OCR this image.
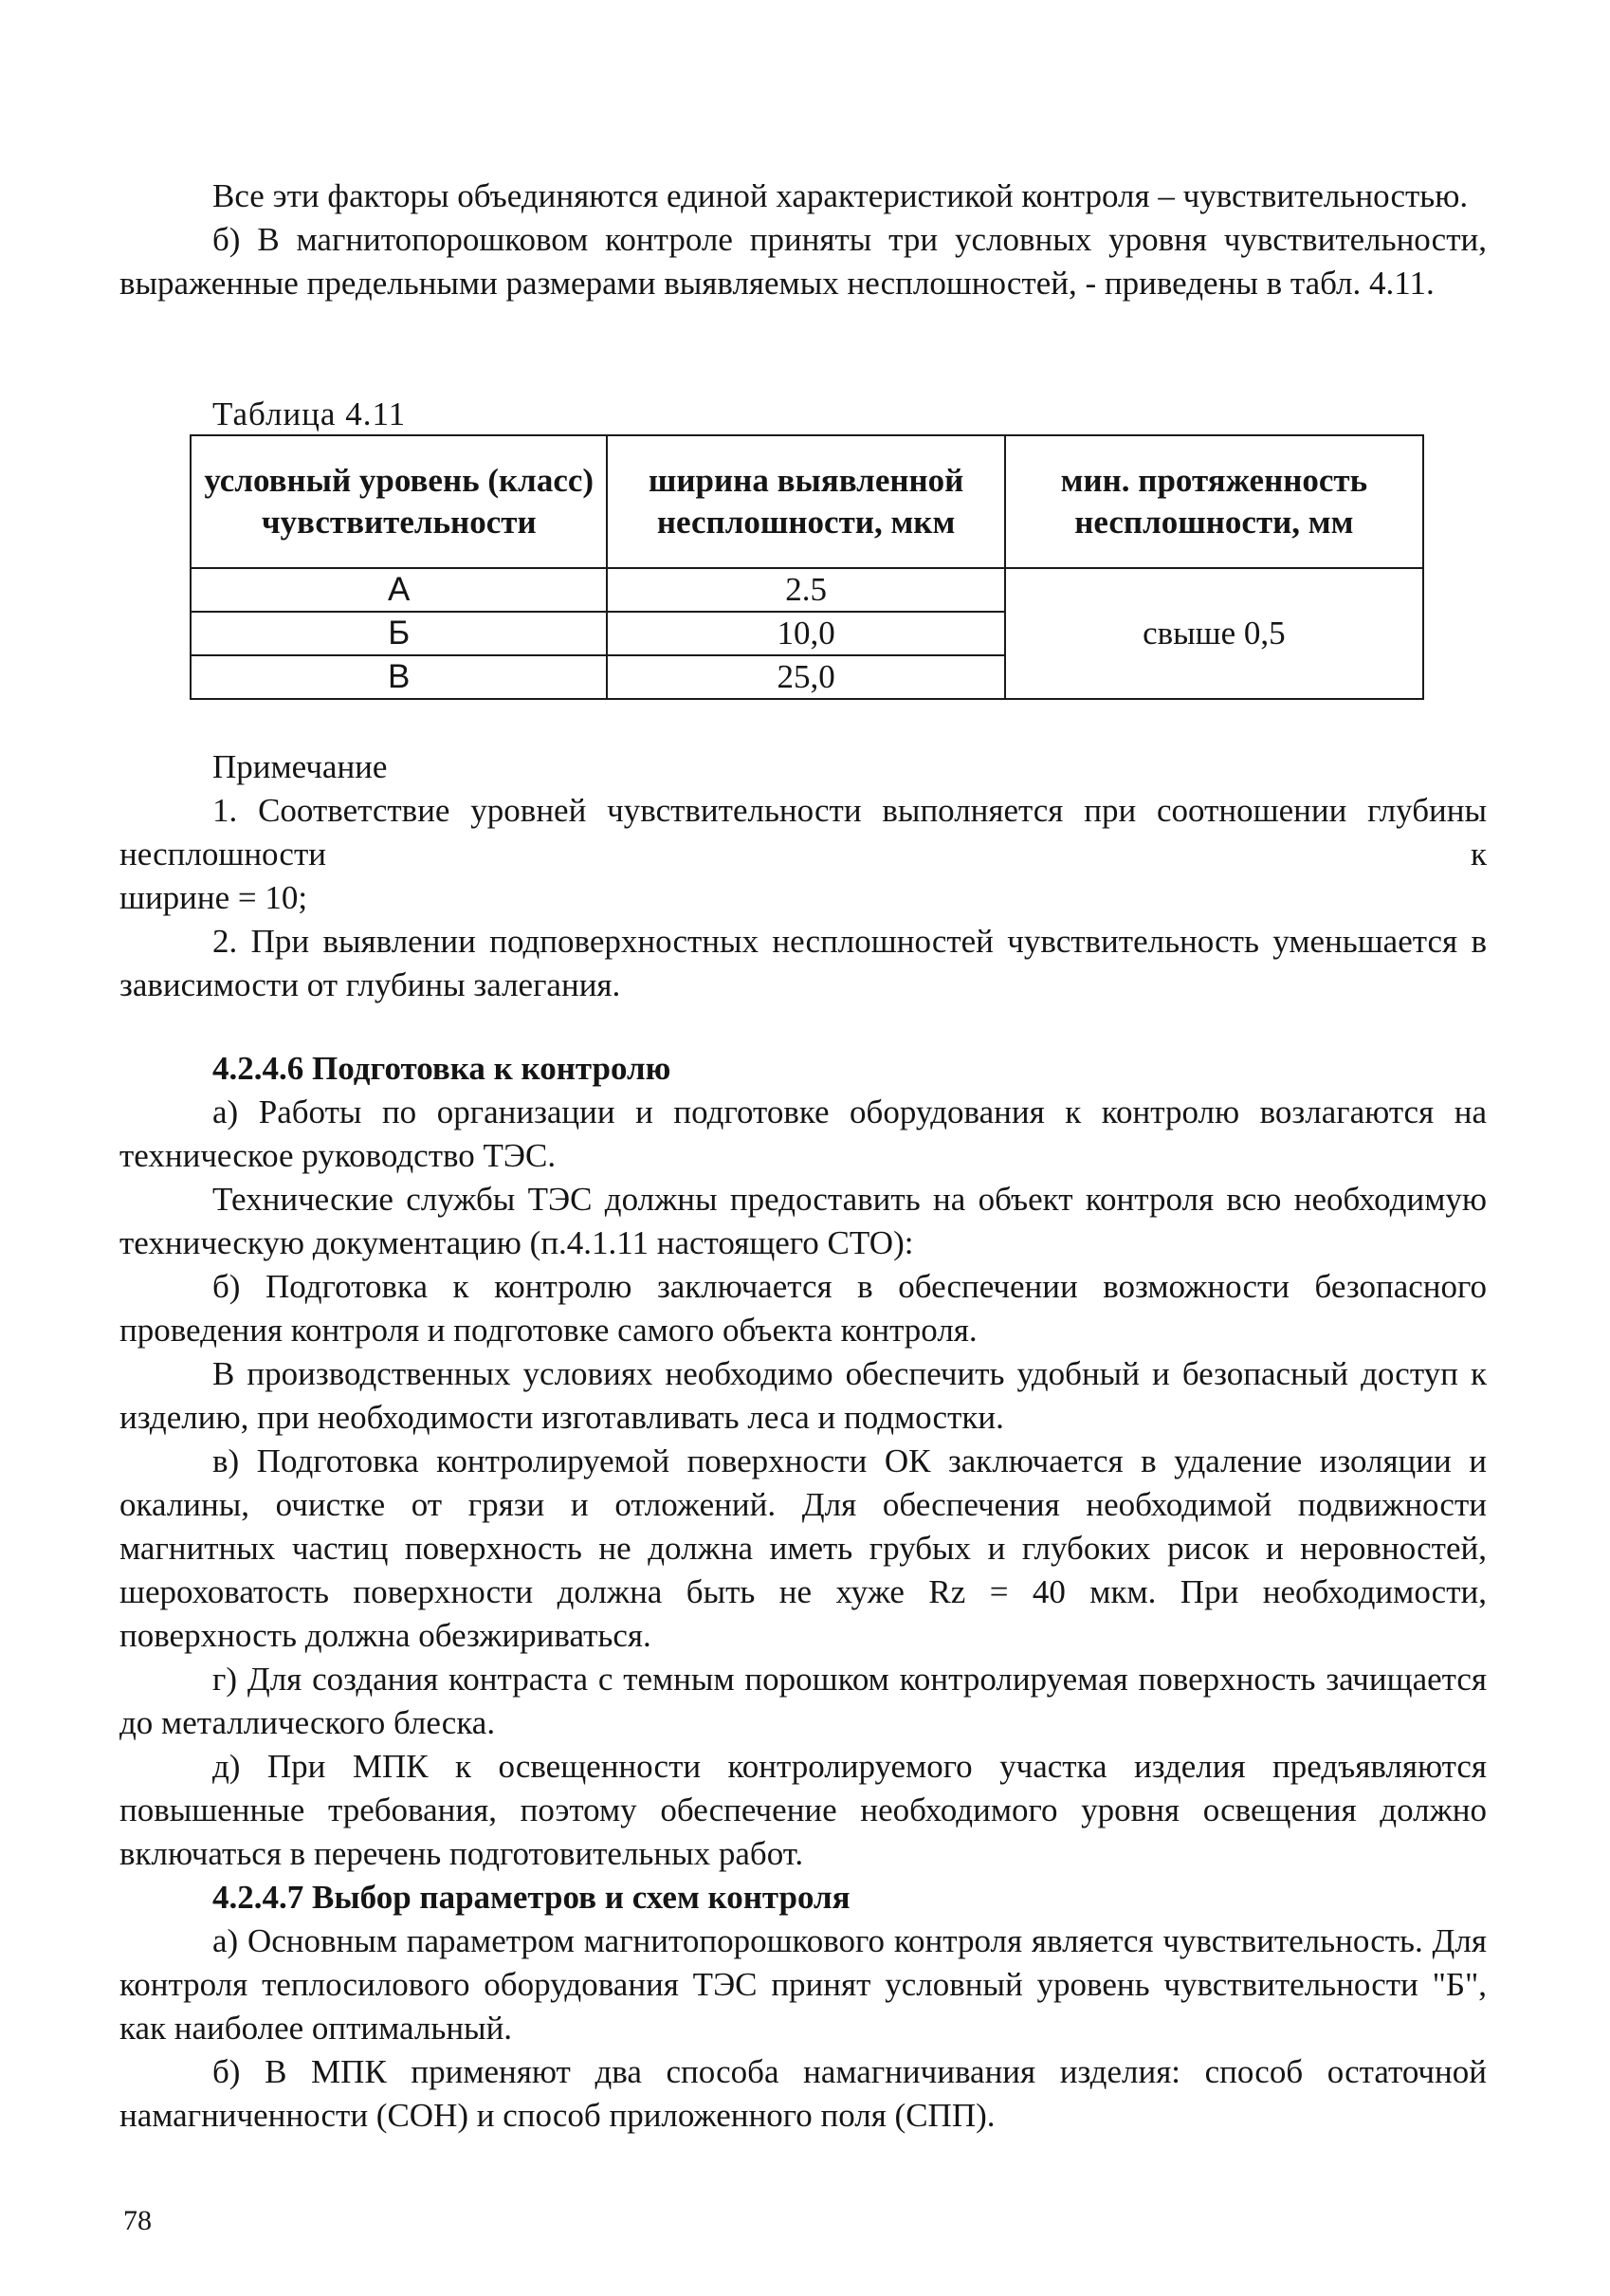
Все эти факторы объединяются единой характеристикой контроля – чувствительностью.

б) В магнитопорошковом контроле приняты три условных уровня чувствительности, выраженные предельными размерами выявляемых несплошностей, - приведены в табл. 4.11.

Таблица 4.11
условный уровень (класс) чувствительности	ширина выявленной несплошности, мкм	мин. протяженность несплошности, мм
А	2.5	свыше 0,5
Б	10,0	
В	25,0	

Примечание

1. Соответствие уровней чувствительности выполняется при соотношении глубины несплошности к

ширине = 10;

2. При выявлении подповерхностных несплошностей чувствительность уменьшается в зависимости от глубины залегания.

4.2.4.6 Подготовка к контролю

а) Работы по организации и подготовке оборудования к контролю возлагаются на техническое руководство ТЭС.

Технические службы ТЭС должны предоставить на объект контроля всю необходимую техническую документацию (п.4.1.11 настоящего СТО):

б) Подготовка к контролю заключается в обеспечении возможности безопасного проведения контроля и подготовке самого объекта контроля.

В производственных условиях необходимо обеспечить удобный и безопасный доступ к изделию, при необходимости изготавливать леса и подмостки.

в) Подготовка контролируемой поверхности ОК заключается в удаление изоляции и окалины, очистке от грязи и отложений. Для обеспечения необходимой подвижности магнитных частиц поверхность не должна иметь грубых и глубоких рисок и неровностей, шероховатость поверхности должна быть не хуже Rz = 40 мкм. При необходимости, поверхность должна обезжириваться.

г) Для создания контраста с темным порошком контролируемая поверхность зачищается до металлического блеска.

д) При МПК к освещенности контролируемого участка изделия предъявляются повышенные требования, поэтому обеспечение необходимого уровня освещения должно включаться в перечень подготовительных работ.

4.2.4.7 Выбор параметров и схем контроля

а) Основным параметром магнитопорошкового контроля является чувствительность. Для контроля теплосилового оборудования ТЭС принят условный уровень чувствительности "Б", как наиболее оптимальный.

б) В МПК применяют два способа намагничивания изделия: способ остаточной намагниченности (СОН) и способ приложенного поля (СПП).

78
